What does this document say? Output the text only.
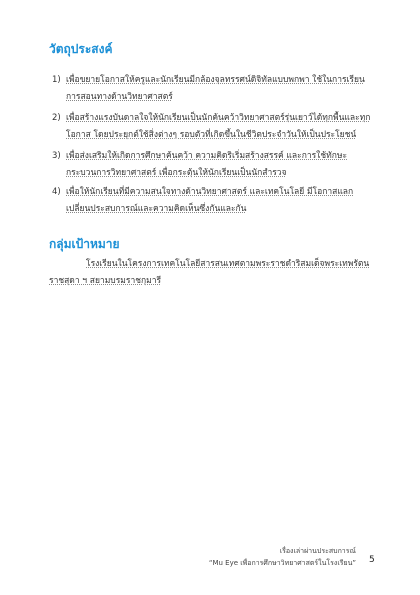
วัตถุประสงค์
1) เพื่อขยายโอกาสให้ครูและนักเรียนมีกล้องจุลทรรศน์ดิจิทัลแบบพกพา ใช้ในการเรียน
การสอนทางด้านวิทยาศาสตร์
2) เพื่อสร้างแรงบันดาลใจให้นักเรียนเป็นนักค้นคว้าวิทยาศาสตร์รุ่นเยาว์ได้ทุกพื้นและทุก
โอกาส โดยประยุกต์ใช้สิ่งต่างๆ รอบตัวที่เกิดขึ้นในชีวิตประจำวันให้เป็นประโยชน์
3) เพื่อส่งเสริมให้เกิดการศึกษาค้นคว้า ความคิดริเริ่มสร้างสรรค์ และการใช้ทักษะ
กระบวนการวิทยาศาสตร์ เพื่อกระตุ้นให้นักเรียนเป็นนักสำรวจ
4) เพื่อให้นักเรียนที่มีความสนใจทางด้านวิทยาศาสตร์ และเทคโนโลยี มีโอกาสแลก
เปลี่ยนประสบการณ์และความคิดเห็นซึ่งกันและกัน
กลุ่มเป้าหมาย
โรงเรียนในโครงการเทคโนโลยีสารสนเทศตามพระราชดำริสมเด็จพระเทพรัตน
ราชสุดา ฯ สยามบรมราชกุมารี
เรื่องเล่าผ่านประสบการณ์
“Mu Eye เพื่อการศึกษาวิทยาศาสตร์ในโรงเรียน” 5
